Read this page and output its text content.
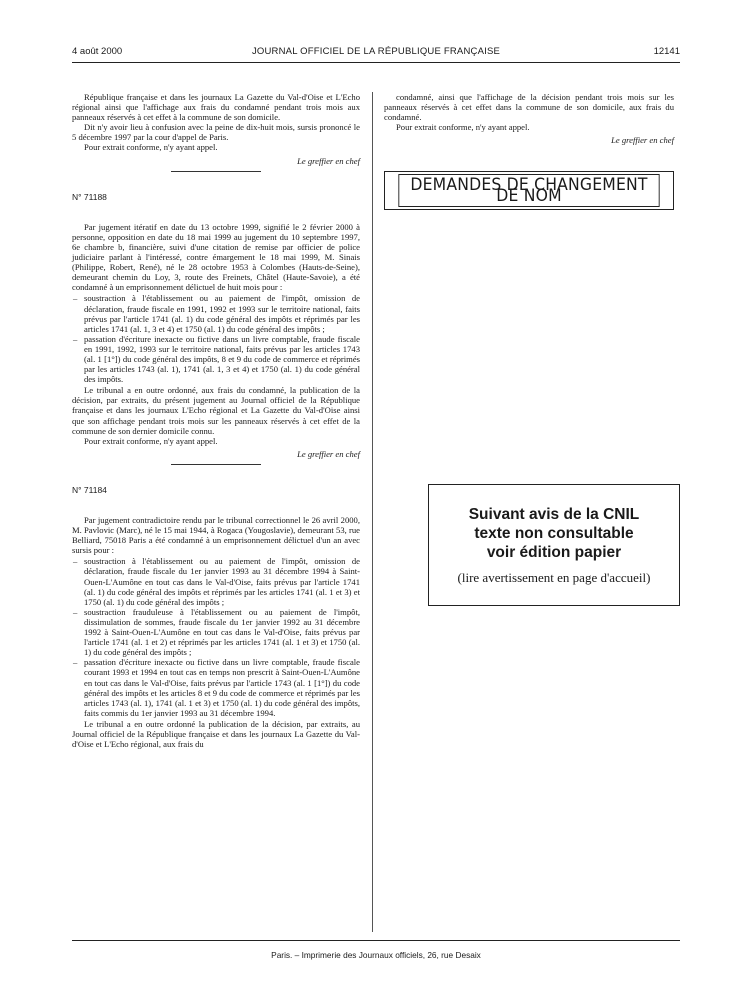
4 août 2000	JOURNAL OFFICIEL DE LA RÉPUBLIQUE FRANÇAISE	12141

République française et dans les journaux La Gazette du Val-d'Oise et L'Echo régional ainsi que l'affichage aux frais du condamné pendant trois mois aux panneaux réservés à cet effet à la commune de son domicile.

Dit n'y avoir lieu à confusion avec la peine de dix-huit mois, sursis prononcé le 5 décembre 1997 par la cour d'appel de Paris.

Pour extrait conforme, n'y ayant appel.

Le greffier en chef

N° 71188

Par jugement itératif en date du 13 octobre 1999, signifié le 2 février 2000 à personne, opposition en date du 18 mai 1999 au jugement du 10 septembre 1997, 6e chambre b, financière, suivi d'une citation de remise par officier de police judiciaire parlant à l'intéressé, contre émargement le 18 mai 1999, M. Sinais (Philippe, Robert, René), né le 28 octobre 1953 à Colombes (Hauts-de-Seine), demeurant chemin du Loy, 3, route des Freinets, Châtel (Haute-Savoie), a été condamné à un emprisonnement délictuel de huit mois pour :

– soustraction à l'établissement ou au paiement de l'impôt, omission de déclaration, fraude fiscale en 1991, 1992 et 1993 sur le territoire national, faits prévus par l'article 1741 (al. 1) du code général des impôts et réprimés par les articles 1741 (al. 1, 3 et 4) et 1750 (al. 1) du code général des impôts ;
– passation d'écriture inexacte ou fictive dans un livre comptable, fraude fiscale en 1991, 1992, 1993 sur le territoire national, faits prévus par les articles 1743 (al. 1 [1°]) du code général des impôts, 8 et 9 du code de commerce et réprimés par les articles 1743 (al. 1), 1741 (al. 1, 3 et 4) et 1750 (al. 1) du code général des impôts.

Le tribunal a en outre ordonné, aux frais du condamné, la publication de la décision, par extraits, du présent jugement au Journal officiel de la République française et dans les journaux L'Echo régional et La Gazette du Val-d'Oise ainsi que son affichage pendant trois mois sur les panneaux réservés à cet effet de la commune de son dernier domicile connu.

Pour extrait conforme, n'y ayant appel.

Le greffier en chef

N° 71184

Par jugement contradictoire rendu par le tribunal correctionnel le 26 avril 2000, M. Pavlovic (Marc), né le 15 mai 1944, à Rogaca (Yougoslavie), demeurant 53, rue Belliard, 75018 Paris a été condamné à un emprisonnement délictuel d'un an avec sursis pour :

– soustraction à l'établissement ou au paiement de l'impôt, omission de déclaration, fraude fiscale du 1er janvier 1993 au 31 décembre 1994 à Saint-Ouen-L'Aumône en tout cas dans le Val-d'Oise, faits prévus par l'article 1741 (al. 1) du code général des impôts et réprimés par les articles 1741 (al. 1 et 3) et 1750 (al. 1) du code général des impôts ;
– soustraction frauduleuse à l'établissement ou au paiement de l'impôt, dissimulation de sommes, fraude fiscale du 1er janvier 1992 au 31 décembre 1992 à Saint-Ouen-L'Aumône en tout cas dans le Val-d'Oise, faits prévus par l'article 1741 (al. 1 et 2) et réprimés par les articles 1741 (al. 1 et 3) et 1750 (al. 1) du code général des impôts ;
– passation d'écriture inexacte ou fictive dans un livre comptable, fraude fiscale courant 1993 et 1994 en tout cas en temps non prescrit à Saint-Ouen-L'Aumône en tout cas dans le Val-d'Oise, faits prévus par l'article 1743 (al. 1 [1°]) du code général des impôts et les articles 8 et 9 du code de commerce et réprimés par les articles 1743 (al. 1), 1741 (al. 1 et 3) et 1750 (al. 1) du code général des impôts, faits commis du 1er janvier 1993 au 31 décembre 1994.

Le tribunal a en outre ordonné la publication de la décision, par extraits, au Journal officiel de la République française et dans les journaux La Gazette du Val-d'Oise et L'Echo régional, aux frais du

condamné, ainsi que l'affichage de la décision pendant trois mois sur les panneaux réservés à cet effet dans la commune de son domicile, aux frais du condamné.

Pour extrait conforme, n'y ayant appel.

Le greffier en chef

DEMANDES DE CHANGEMENT DE NOM
Suivant avis de la CNIL
texte non consultable
voir édition papier
(lire avertissement en page d'accueil)
Paris. – Imprimerie des Journaux officiels, 26, rue Desaix
